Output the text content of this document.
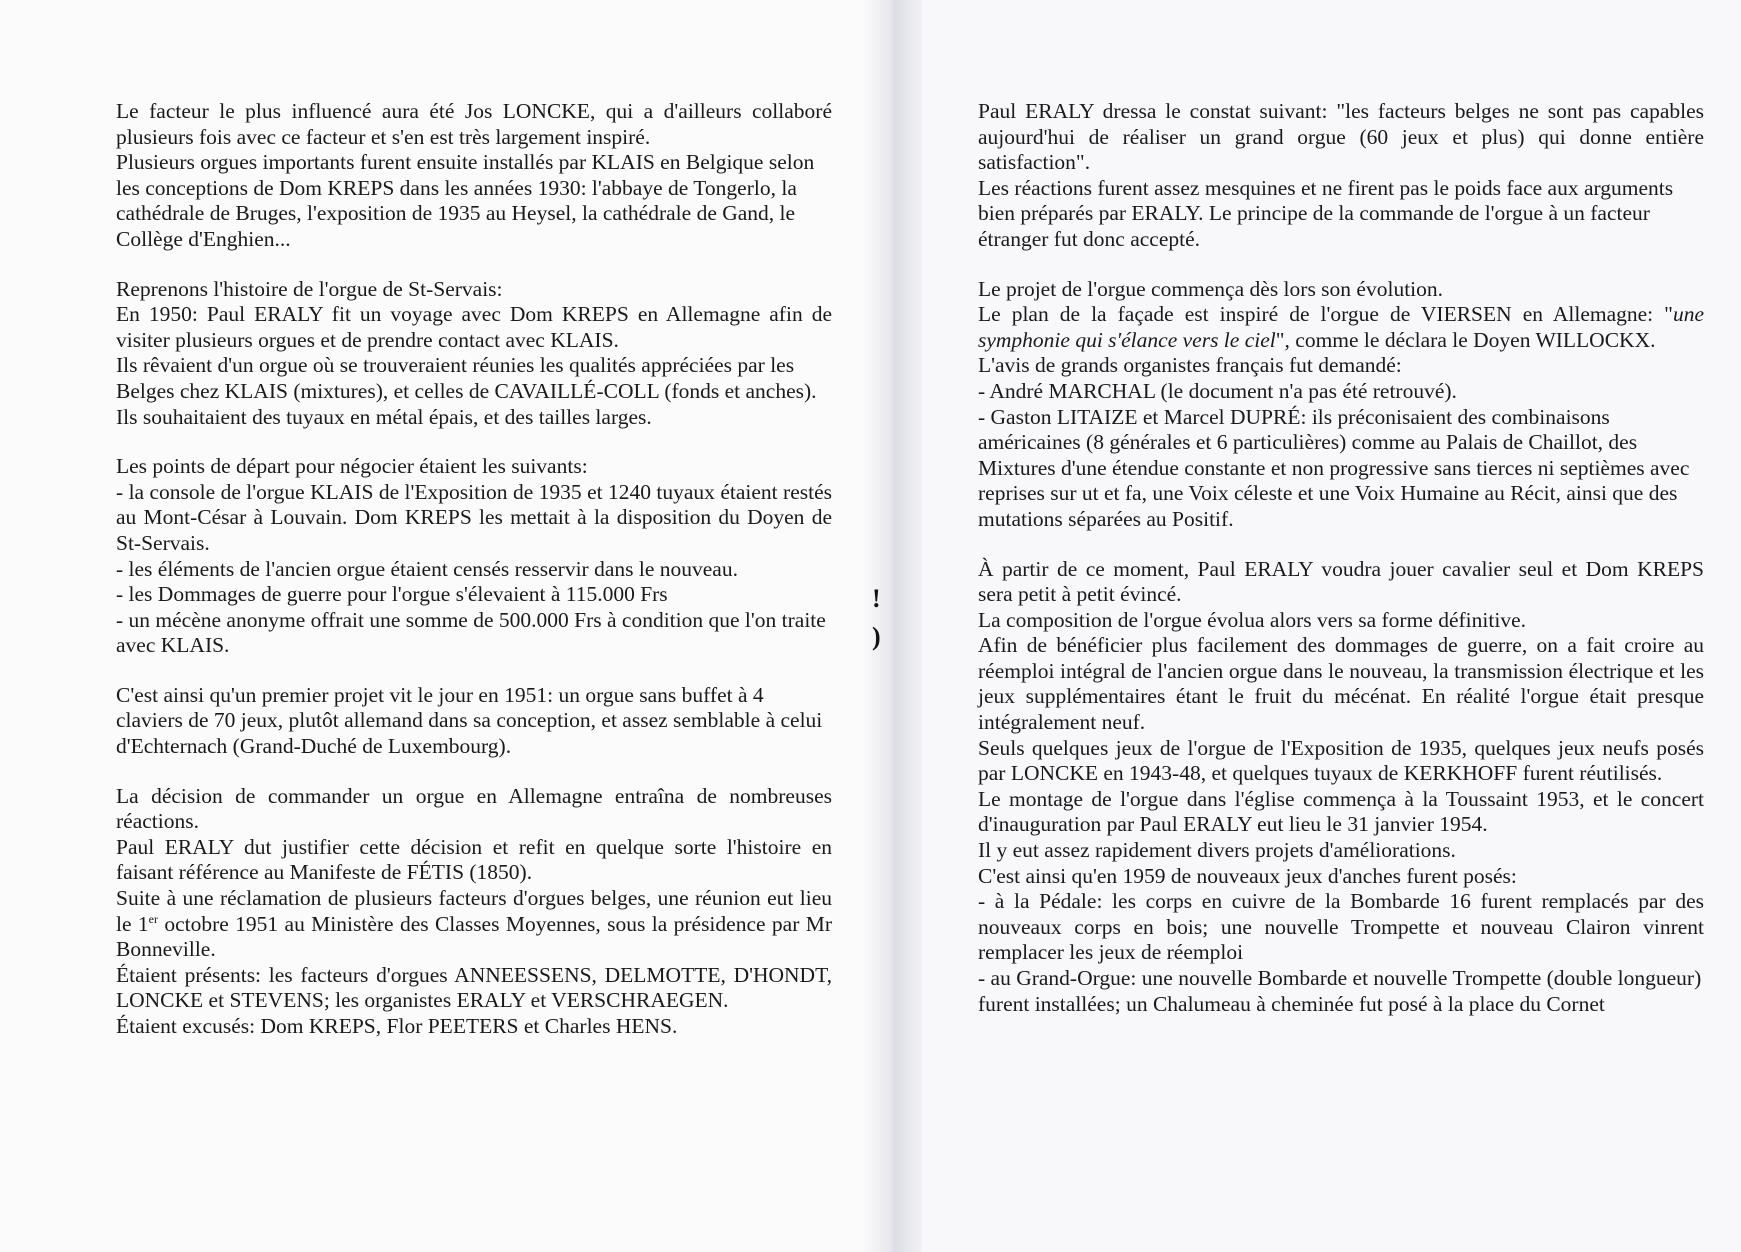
!
)

Le facteur le plus influencé aura été Jos LONCKE, qui a d'ailleurs collaboré plusieurs fois avec ce facteur et s'en est très largement inspiré.

Plusieurs orgues importants furent ensuite installés par KLAIS en Belgique selon les conceptions de Dom KREPS dans les années 1930: l'abbaye de Tongerlo, la cathédrale de Bruges, l'exposition de 1935 au Heysel, la cathédrale de Gand, le Collège d'Enghien...

Reprenons l'histoire de l'orgue de St-Servais:

En 1950: Paul ERALY fit un voyage avec Dom KREPS en Allemagne afin de visiter plusieurs orgues et de prendre contact avec KLAIS.

Ils rêvaient d'un orgue où se trouveraient réunies les qualités appréciées par les Belges chez KLAIS (mixtures), et celles de CAVAILLÉ-COLL (fonds et anches). Ils souhaitaient des tuyaux en métal épais, et des tailles larges.

Les points de départ pour négocier étaient les suivants:

- la console de l'orgue KLAIS de l'Exposition de 1935 et 1240 tuyaux étaient restés au Mont-César à Louvain. Dom KREPS les mettait à la disposition du Doyen de St-Servais.

- les éléments de l'ancien orgue étaient censés resservir dans le nouveau.

- les Dommages de guerre pour l'orgue s'élevaient à 115.000 Frs

- un mécène anonyme offrait une somme de 500.000 Frs à condition que l'on traite avec KLAIS.

C'est ainsi qu'un premier projet vit le jour en 1951: un orgue sans buffet à 4 claviers de 70 jeux, plutôt allemand dans sa conception, et assez semblable à celui d'Echternach (Grand-Duché de Luxembourg).

La décision de commander un orgue en Allemagne entraîna de nombreuses réactions.

Paul ERALY dut justifier cette décision et refit en quelque sorte l'histoire en faisant référence au Manifeste de FÉTIS (1850).

Suite à une réclamation de plusieurs facteurs d'orgues belges, une réunion eut lieu le 1er octobre 1951 au Ministère des Classes Moyennes, sous la présidence par Mr Bonneville.

Étaient présents: les facteurs d'orgues ANNEESSENS, DELMOTTE, D'HONDT, LONCKE et STEVENS; les organistes ERALY et VERSCHRAEGEN.

Étaient excusés: Dom KREPS, Flor PEETERS et Charles HENS.

Paul ERALY dressa le constat suivant: "les facteurs belges ne sont pas capables aujourd'hui de réaliser un grand orgue (60 jeux et plus) qui donne entière satisfaction".

Les réactions furent assez mesquines et ne firent pas le poids face aux arguments bien préparés par ERALY. Le principe de la commande de l'orgue à un facteur étranger fut donc accepté.

Le projet de l'orgue commença dès lors son évolution.

Le plan de la façade est inspiré de l'orgue de VIERSEN en Allemagne: "une symphonie qui s'élance vers le ciel", comme le déclara le Doyen WILLOCKX.

L'avis de grands organistes français fut demandé:

- André MARCHAL (le document n'a pas été retrouvé).

- Gaston LITAIZE et Marcel DUPRÉ: ils préconisaient des combinaisons américaines (8 générales et 6 particulières) comme au Palais de Chaillot, des Mixtures d'une étendue constante et non progressive sans tierces ni septièmes avec reprises sur ut et fa, une Voix céleste et une Voix Humaine au Récit, ainsi que des mutations séparées au Positif.

À partir de ce moment, Paul ERALY voudra jouer cavalier seul et Dom KREPS sera petit à petit évincé.

La composition de l'orgue évolua alors vers sa forme définitive.

Afin de bénéficier plus facilement des dommages de guerre, on a fait croire au réemploi intégral de l'ancien orgue dans le nouveau, la transmission électrique et les jeux supplémentaires étant le fruit du mécénat. En réalité l'orgue était presque intégralement neuf.

Seuls quelques jeux de l'orgue de l'Exposition de 1935, quelques jeux neufs posés par LONCKE en 1943-48, et quelques tuyaux de KERKHOFF furent réutilisés.

Le montage de l'orgue dans l'église commença à la Toussaint 1953, et le concert d'inauguration par Paul ERALY eut lieu le 31 janvier 1954.

Il y eut assez rapidement divers projets d'améliorations.

C'est ainsi qu'en 1959 de nouveaux jeux d'anches furent posés:

- à la Pédale: les corps en cuivre de la Bombarde 16 furent remplacés par des nouveaux corps en bois; une nouvelle Trompette et nouveau Clairon vinrent remplacer les jeux de réemploi

- au Grand-Orgue: une nouvelle Bombarde et nouvelle Trompette (double longueur) furent installées; un Chalumeau à cheminée fut posé à la place du Cornet
